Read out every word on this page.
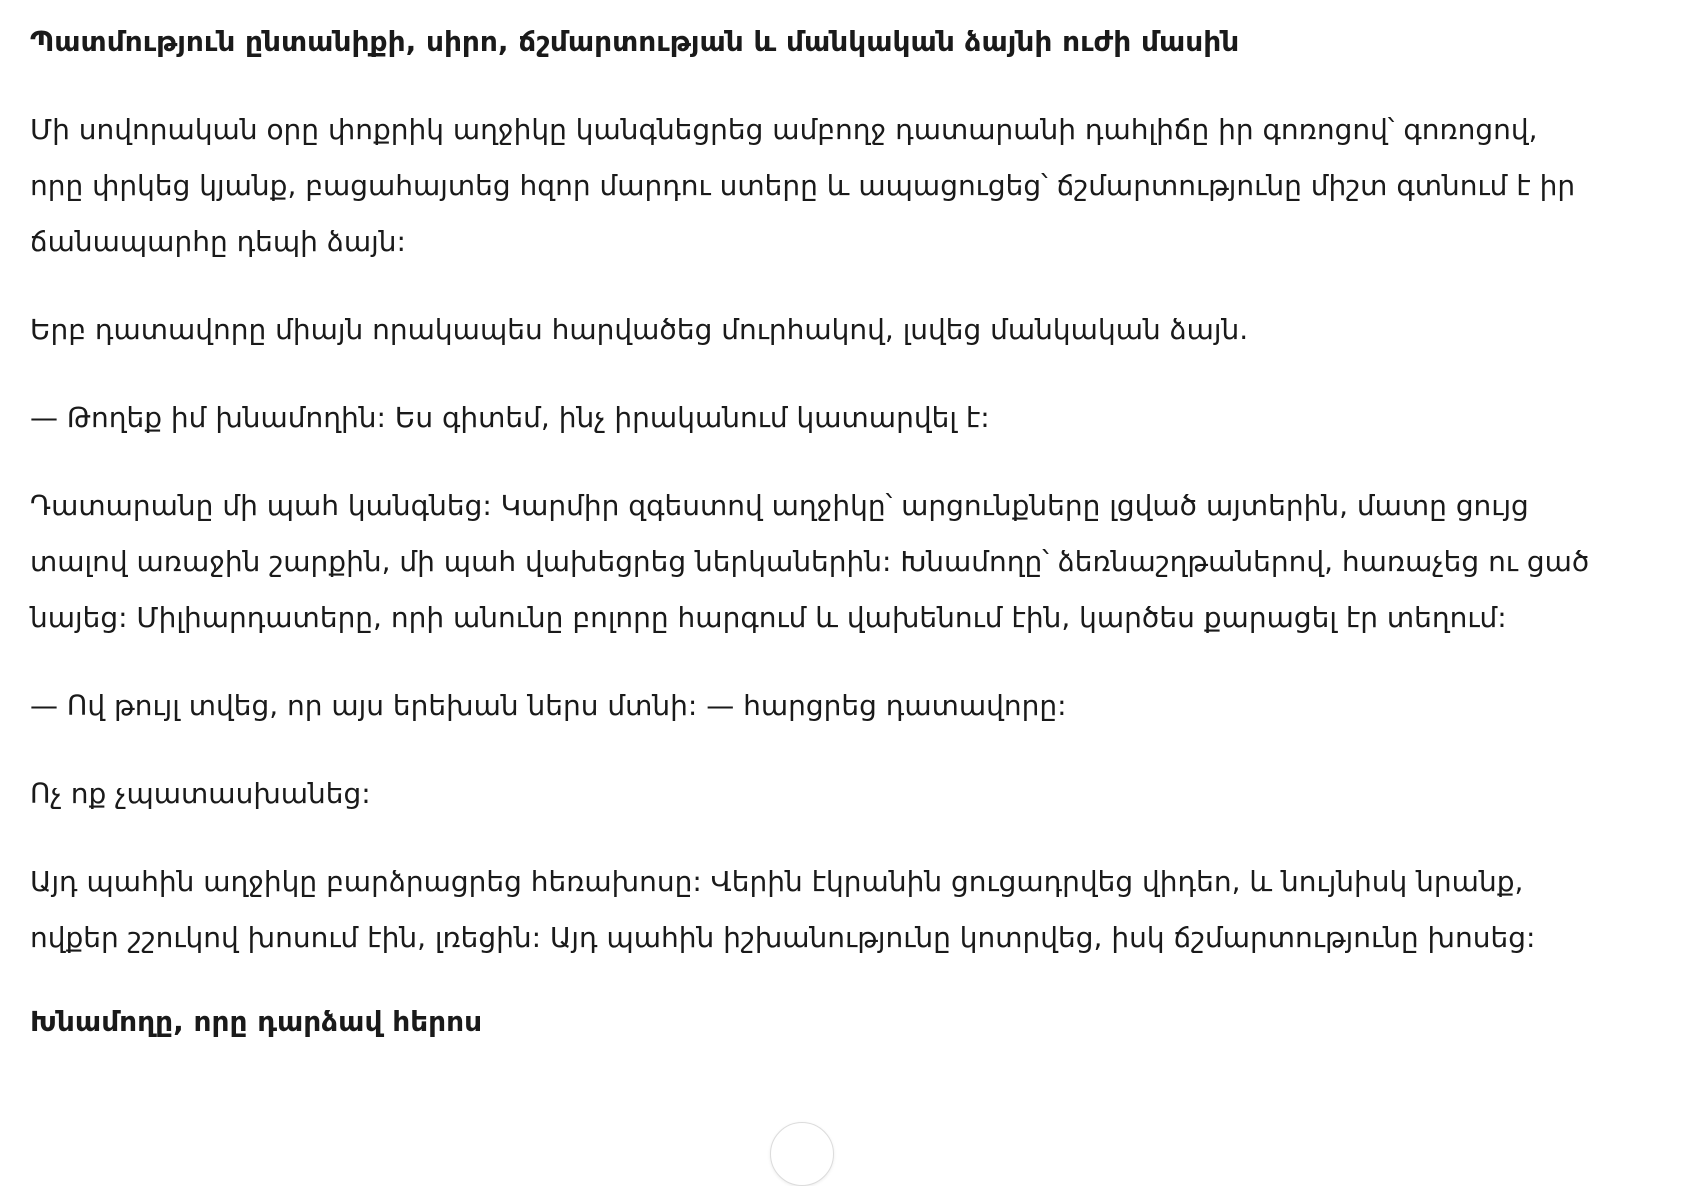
Պատմություն ընտանիքի, սիրո, ճշմարտության և մանկական ձայնի ուժի մասին

Մի սովորական օրը փոքրիկ աղջիկը կանգնեցրեց ամբողջ դատարանի դահլիճը իր գոռոցով՝ գոռոցով, որը փրկեց կյանք, բացահայտեց հզոր մարդու ստերը և ապացուցեց՝ ճշմարտությունը միշտ գտնում է իր ճանապարհը դեպի ձայն:

Երբ դատավորը միայն որակապես հարվածեց մուրհակով, լսվեց մանկական ձայն.

— Թողեք իմ խնամողին: Ես գիտեմ, ինչ իրականում կատարվել է:

Դատարանը մի պահ կանգնեց: Կարմիր զգեստով աղջիկը՝ արցունքները լցված այտերին, մատը ցույց տալով առաջին շարքին, մի պահ վախեցրեց ներկաներին: Խնամողը՝ ձեռնաշղթաներով, հառաչեց ու ցած նայեց: Միլիարդատերը, որի անունը բոլորը հարգում և վախենում էին, կարծես քարացել էր տեղում:

— Ով թույլ տվեց, որ այս երեխան ներս մտնի: — հարցրեց դատավորը:

Ոչ ոք չպատասխանեց:

Այդ պահին աղջիկը բարձրացրեց հեռախոսը: Վերին էկրանին ցուցադրվեց վիդեո, և նույնիսկ նրանք, ովքեր շշուկով խոսում էին, լռեցին: Այդ պահին իշխանությունը կոտրվեց, իսկ ճշմարտությունը խոսեց:

Խնամողը, որը դարձավ հերոս
